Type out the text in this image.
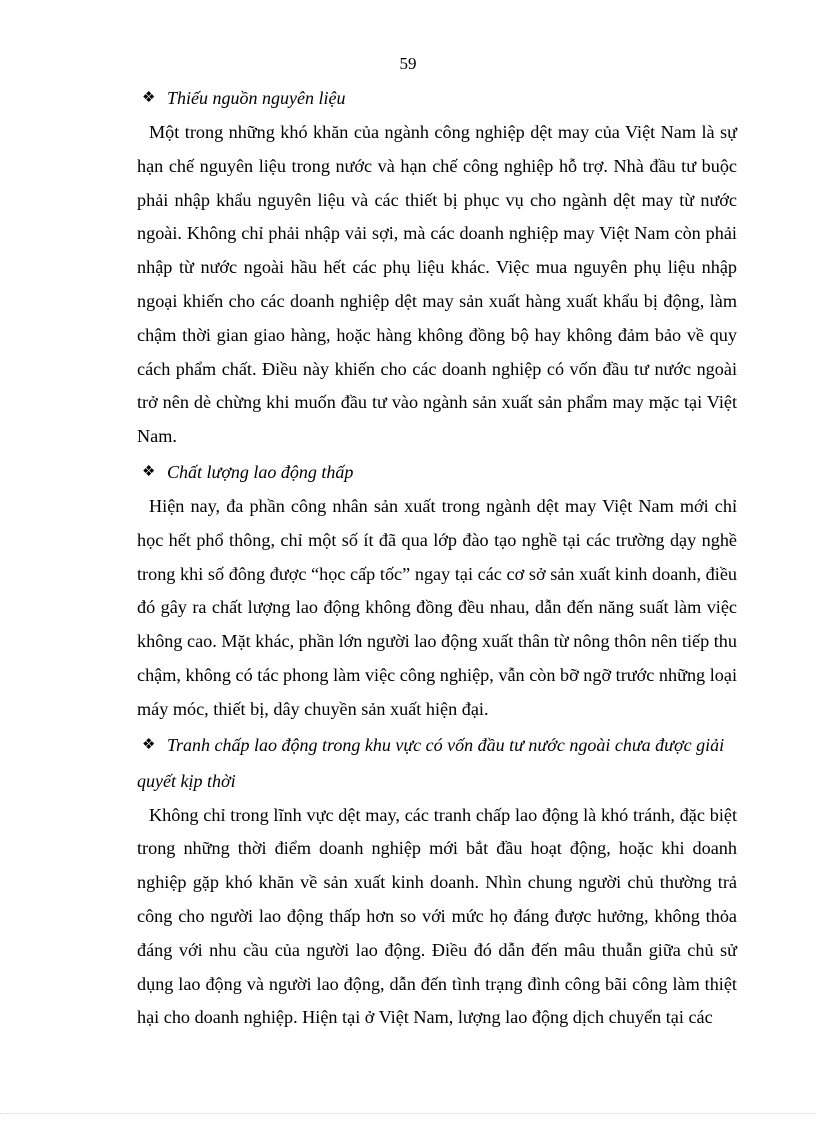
59

❖ Thiếu nguồn nguyên liệu

Một trong những khó khăn của ngành công nghiệp dệt may của Việt Nam là sự hạn chế nguyên liệu trong nước và hạn chế công nghiệp hỗ trợ. Nhà đầu tư buộc phải nhập khẩu nguyên liệu và các thiết bị phục vụ cho ngành dệt may từ nước ngoài. Không chỉ phải nhập vải sợi, mà các doanh nghiệp may Việt Nam còn phải nhập từ nước ngoài hầu hết các phụ liệu khác. Việc mua nguyên phụ liệu nhập ngoại khiến cho các doanh nghiệp dệt may sản xuất hàng xuất khẩu bị động, làm chậm thời gian giao hàng, hoặc hàng không đồng bộ hay không đảm bảo về quy cách phẩm chất. Điều này khiến cho các doanh nghiệp có vốn đầu tư nước ngoài trở nên dè chừng khi muốn đầu tư vào ngành sản xuất sản phẩm may mặc tại Việt Nam.

❖ Chất lượng lao động thấp

Hiện nay, đa phần công nhân sản xuất trong ngành dệt may Việt Nam mới chỉ học hết phổ thông, chỉ một số ít đã qua lớp đào tạo nghề tại các trường dạy nghề trong khi số đông được “học cấp tốc” ngay tại các cơ sở sản xuất kinh doanh, điều đó gây ra chất lượng lao động không đồng đều nhau, dẫn đến năng suất làm việc không cao. Mặt khác, phần lớn người lao động xuất thân từ nông thôn nên tiếp thu chậm, không có tác phong làm việc công nghiệp, vẫn còn bỡ ngỡ trước những loại máy móc, thiết bị, dây chuyền sản xuất hiện đại.

❖ Tranh chấp lao động trong khu vực có vốn đầu tư nước ngoài chưa được giải quyết kịp thời

Không chỉ trong lĩnh vực dệt may, các tranh chấp lao động là khó tránh, đặc biệt trong những thời điểm doanh nghiệp mới bắt đầu hoạt động, hoặc khi doanh nghiệp gặp khó khăn về sản xuất kinh doanh. Nhìn chung người chủ thường trả công cho người lao động thấp hơn so với mức họ đáng được hưởng, không thỏa đáng với nhu cầu của người lao động. Điều đó dẫn đến mâu thuẫn giữa chủ sử dụng lao động và người lao động, dẫn đến tình trạng đình công bãi công làm thiệt hại cho doanh nghiệp. Hiện tại ở Việt Nam, lượng lao động dịch chuyển tại các
